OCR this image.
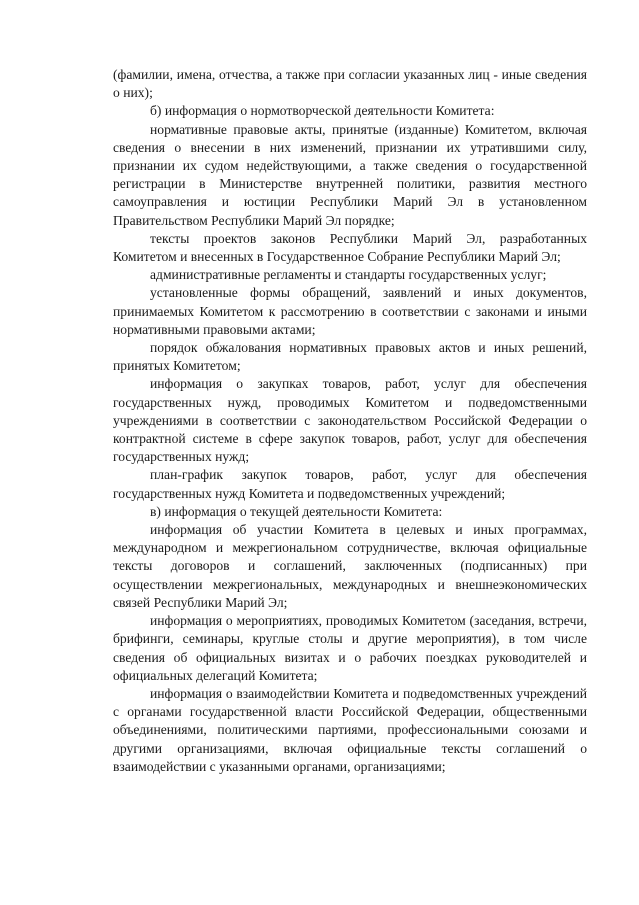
(фамилии, имена, отчества, а также при согласии указанных лиц - иные сведения о них);

б) информация о нормотворческой деятельности Комитета:

нормативные правовые акты, принятые (изданные) Комитетом, включая сведения о внесении в них изменений, признании их утратившими силу, признании их судом недействующими, а также сведения о государственной регистрации в Министерстве внутренней политики, развития местного самоуправления и юстиции Республики Марий Эл в установленном Правительством Республики Марий Эл порядке;

тексты проектов законов Республики Марий Эл, разработанных Комитетом и внесенных в Государственное Собрание Республики Марий Эл;

административные регламенты и стандарты государственных услуг;

установленные формы обращений, заявлений и иных документов, принимаемых Комитетом к рассмотрению в соответствии с законами и иными нормативными правовыми актами;

порядок обжалования нормативных правовых актов и иных решений, принятых Комитетом;

информация о закупках товаров, работ, услуг для обеспечения государственных нужд, проводимых Комитетом и подведомственными учреждениями в соответствии с законодательством Российской Федерации о контрактной системе в сфере закупок товаров, работ, услуг для обеспечения государственных нужд;

план-график закупок товаров, работ, услуг для обеспечения государственных нужд Комитета и подведомственных учреждений;

в) информация о текущей деятельности Комитета:

информация об участии Комитета в целевых и иных программах, международном и межрегиональном сотрудничестве, включая официальные тексты договоров и соглашений, заключенных (подписанных) при осуществлении межрегиональных, международных и внешнеэкономических связей Республики Марий Эл;

информация о мероприятиях, проводимых Комитетом (заседания, встречи, брифинги, семинары, круглые столы и другие мероприятия), в том числе сведения об официальных визитах и о рабочих поездках руководителей и официальных делегаций Комитета;

информация о взаимодействии Комитета и подведомственных учреждений с органами государственной власти Российской Федерации, общественными объединениями, политическими партиями, профессиональными союзами и другими организациями, включая официальные тексты соглашений о взаимодействии с указанными органами, организациями;
